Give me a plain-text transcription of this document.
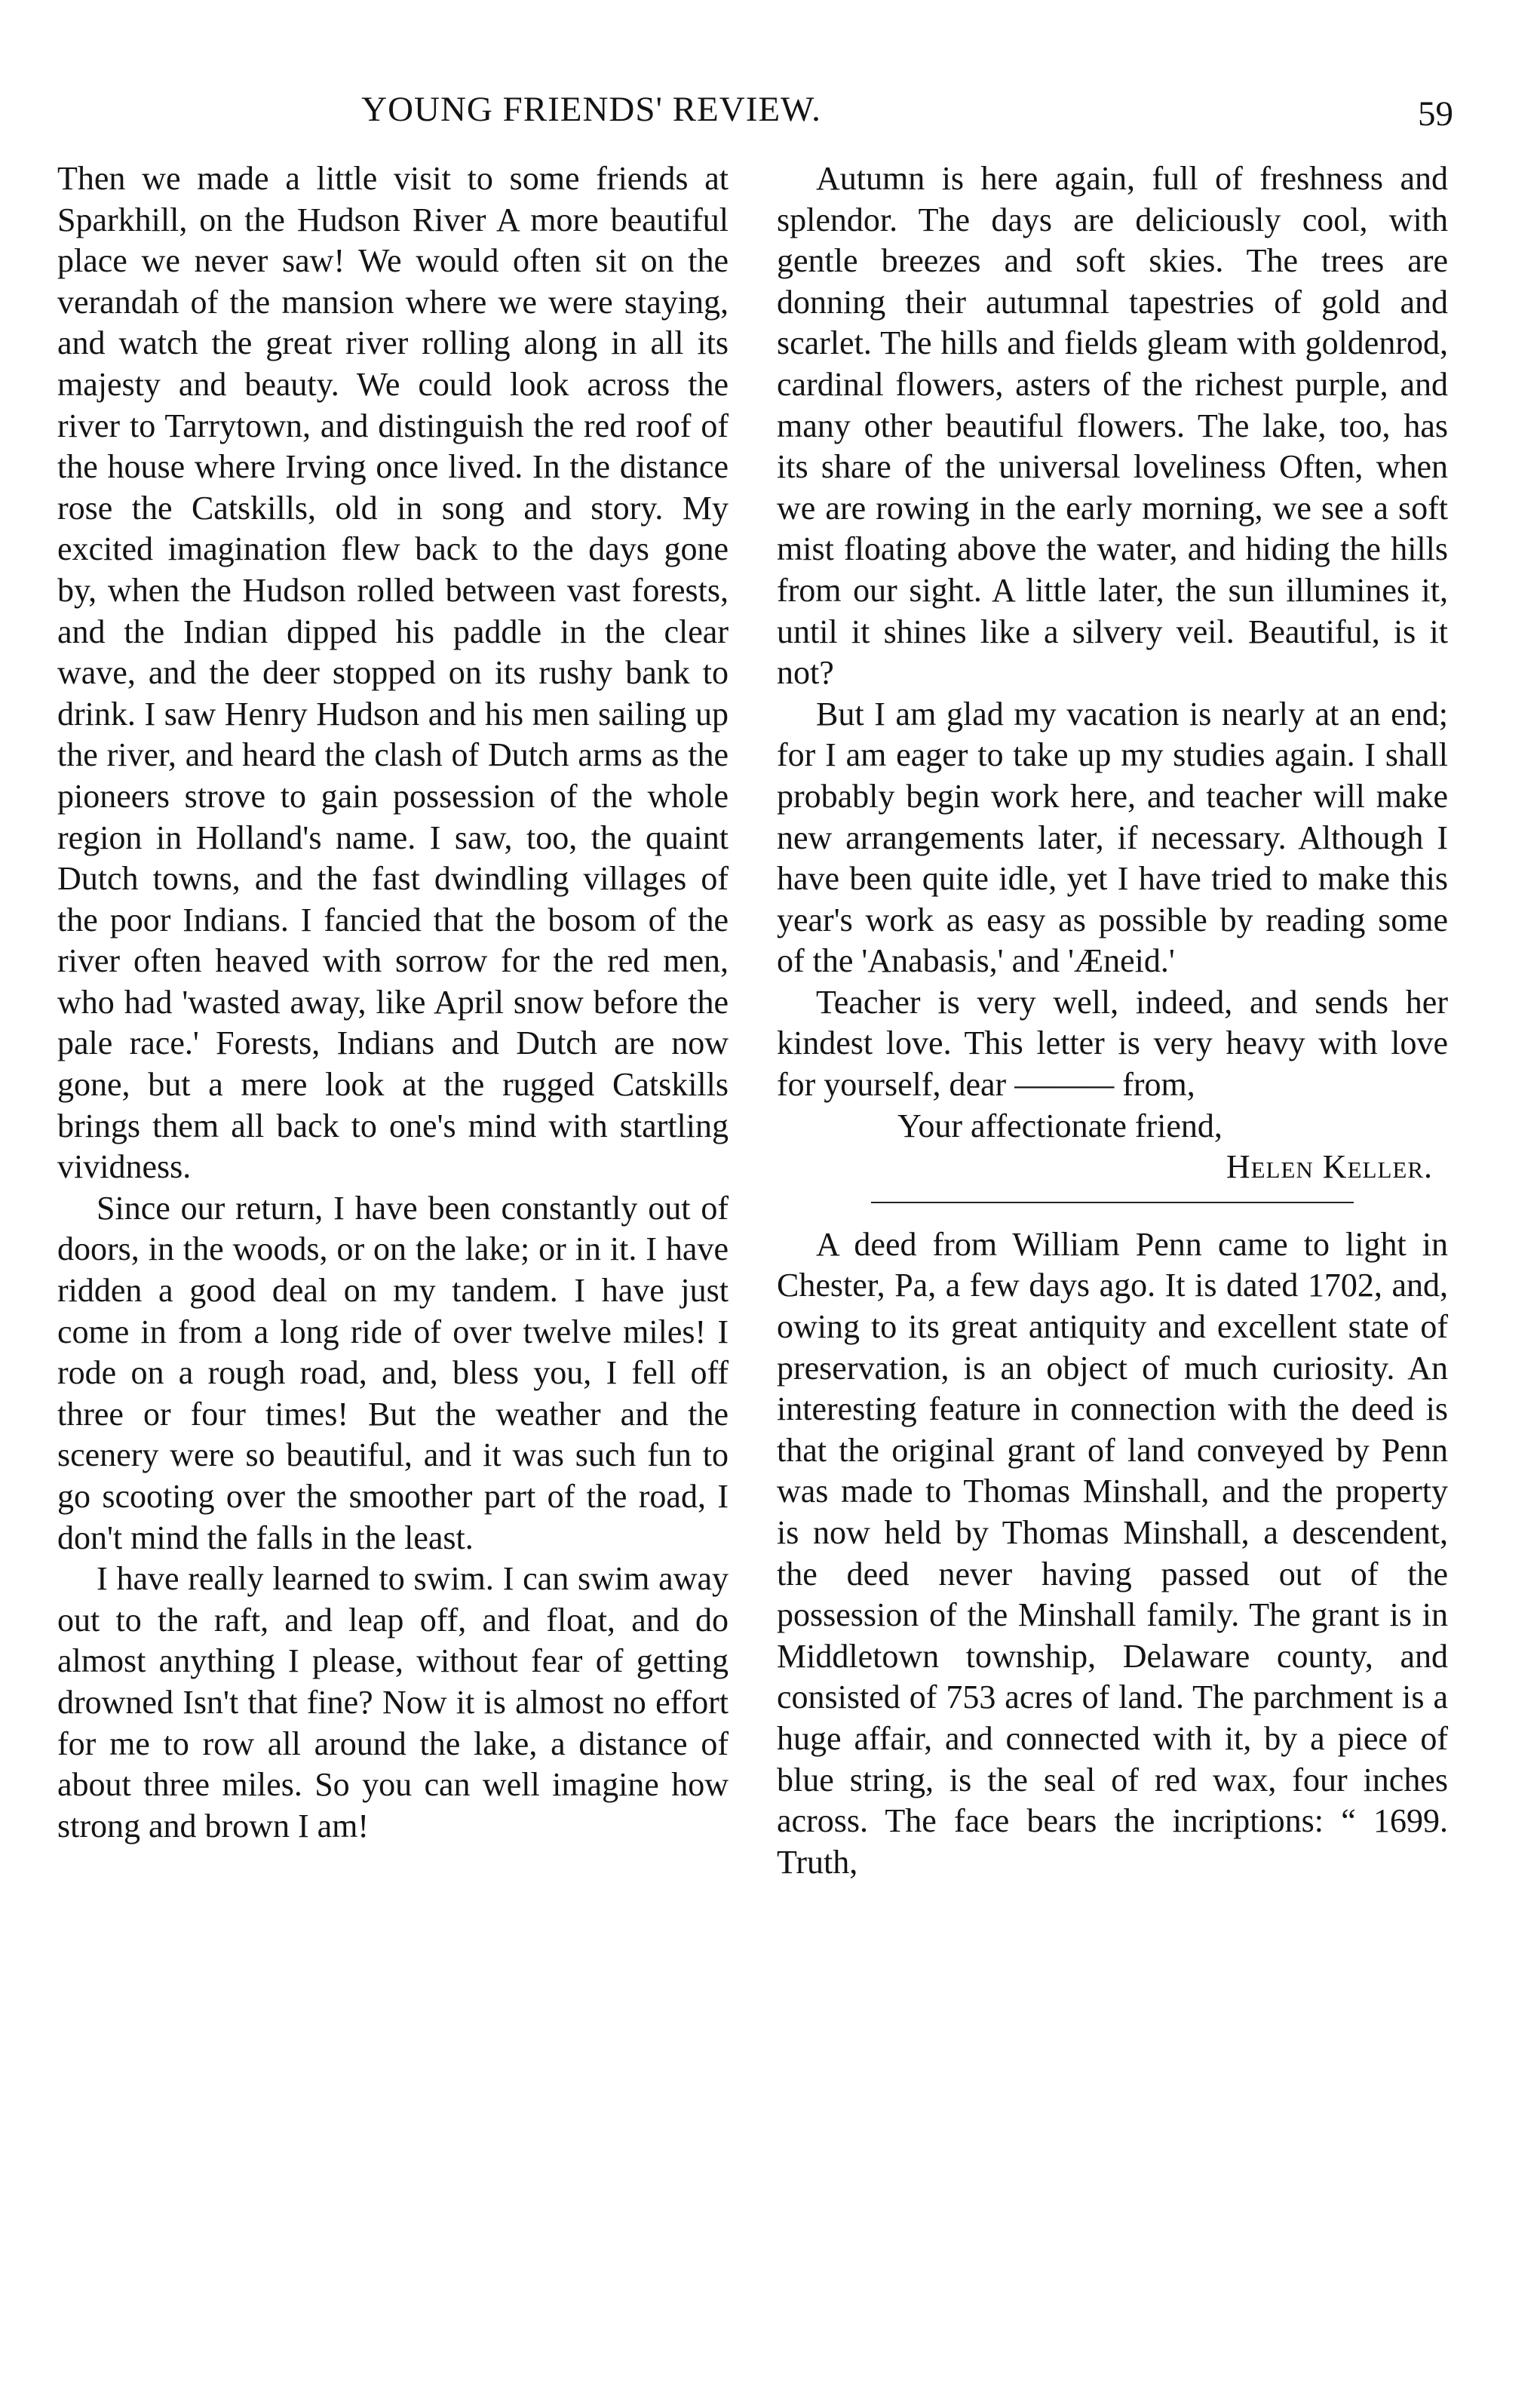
YOUNG FRIENDS' REVIEW.	59

Then we made a little visit to some friends at Sparkhill, on the Hudson River A more beautiful place we never saw! We would often sit on the verandah of the mansion where we were staying, and watch the great river rolling along in all its majesty and beauty. We could look across the river to Tarrytown, and distinguish the red roof of the house where Irving once lived. In the distance rose the Catskills, old in song and story. My excited imagination flew back to the days gone by, when the Hudson rolled between vast forests, and the Indian dipped his paddle in the clear wave, and the deer stopped on its rushy bank to drink. I saw Henry Hudson and his men sailing up the river, and heard the clash of Dutch arms as the pioneers strove to gain possession of the whole region in Holland's name. I saw, too, the quaint Dutch towns, and the fast dwindling villages of the poor Indians. I fancied that the bosom of the river often heaved with sorrow for the red men, who had 'wasted away, like April snow before the pale race.' Forests, Indians and Dutch are now gone, but a mere look at the rugged Catskills brings them all back to one's mind with startling vividness.

Since our return, I have been constantly out of doors, in the woods, or on the lake; or in it. I have ridden a good deal on my tandem. I have just come in from a long ride of over twelve miles! I rode on a rough road, and, bless you, I fell off three or four times! But the weather and the scenery were so beautiful, and it was such fun to go scooting over the smoother part of the road, I don't mind the falls in the least.

I have really learned to swim. I can swim away out to the raft, and leap off, and float, and do almost anything I please, without fear of getting drowned Isn't that fine? Now it is almost no effort for me to row all around the lake, a distance of about three miles. So you can well imagine how strong and brown I am!

Autumn is here again, full of freshness and splendor. The days are deliciously cool, with gentle breezes and soft skies. The trees are donning their autumnal tapestries of gold and scarlet. The hills and fields gleam with goldenrod, cardinal flowers, asters of the richest purple, and many other beautiful flowers. The lake, too, has its share of the universal loveliness Often, when we are rowing in the early morning, we see a soft mist floating above the water, and hiding the hills from our sight. A little later, the sun illumines it, until it shines like a silvery veil. Beautiful, is it not?

But I am glad my vacation is nearly at an end; for I am eager to take up my studies again. I shall probably begin work here, and teacher will make new arrangements later, if necessary. Although I have been quite idle, yet I have tried to make this year's work as easy as possible by reading some of the 'Anabasis,' and 'Æneid.'

Teacher is very well, indeed, and sends her kindest love. This letter is very heavy with love for yourself, dear ——— from,

Your affectionate friend,

Helen Keller.

A deed from William Penn came to light in Chester, Pa, a few days ago. It is dated 1702, and, owing to its great antiquity and excellent state of preservation, is an object of much curiosity. An interesting feature in connection with the deed is that the original grant of land conveyed by Penn was made to Thomas Minshall, and the property is now held by Thomas Minshall, a descendent, the deed never having passed out of the possession of the Minshall family. The grant is in Middletown township, Delaware county, and consisted of 753 acres of land. The parchment is a huge affair, and connected with it, by a piece of blue string, is the seal of red wax, four inches across. The face bears the incriptions: “ 1699. Truth,
